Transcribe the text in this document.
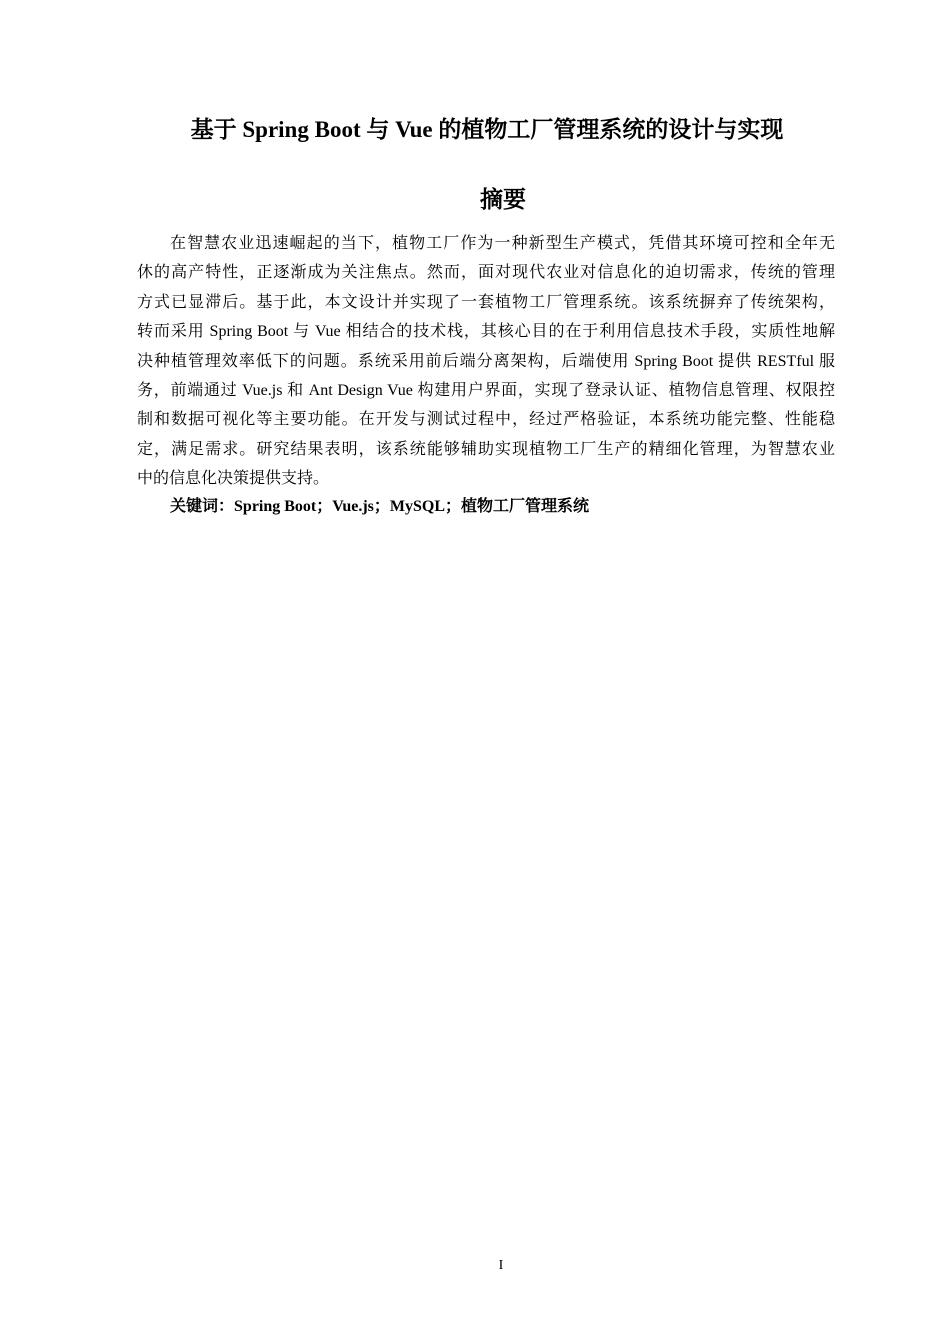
基于 Spring Boot 与 Vue 的植物工厂管理系统的设计与实现
摘要
在智慧农业迅速崛起的当下，植物工厂作为一种新型生产模式，凭借其环境可控和全年无
休的高产特性，正逐渐成为关注焦点。然而，面对现代农业对信息化的迫切需求，传统的管理
方式已显滞后。基于此，本文设计并实现了一套植物工厂管理系统。该系统摒弃了传统架构，
转而采用 Spring Boot 与 Vue 相结合的技术栈，其核心目的在于利用信息技术手段，实质性地解
决种植管理效率低下的问题。系统采用前后端分离架构，后端使用 Spring Boot 提供 RESTful 服
务，前端通过 Vue.js 和 Ant Design Vue 构建用户界面，实现了登录认证、植物信息管理、权限控
制和数据可视化等主要功能。在开发与测试过程中，经过严格验证，本系统功能完整、性能稳
定，满足需求。研究结果表明，该系统能够辅助实现植物工厂生产的精细化管理，为智慧农业
中的信息化决策提供支持。

关键词：Spring Boot；Vue.js；MySQL；植物工厂管理系统

I
